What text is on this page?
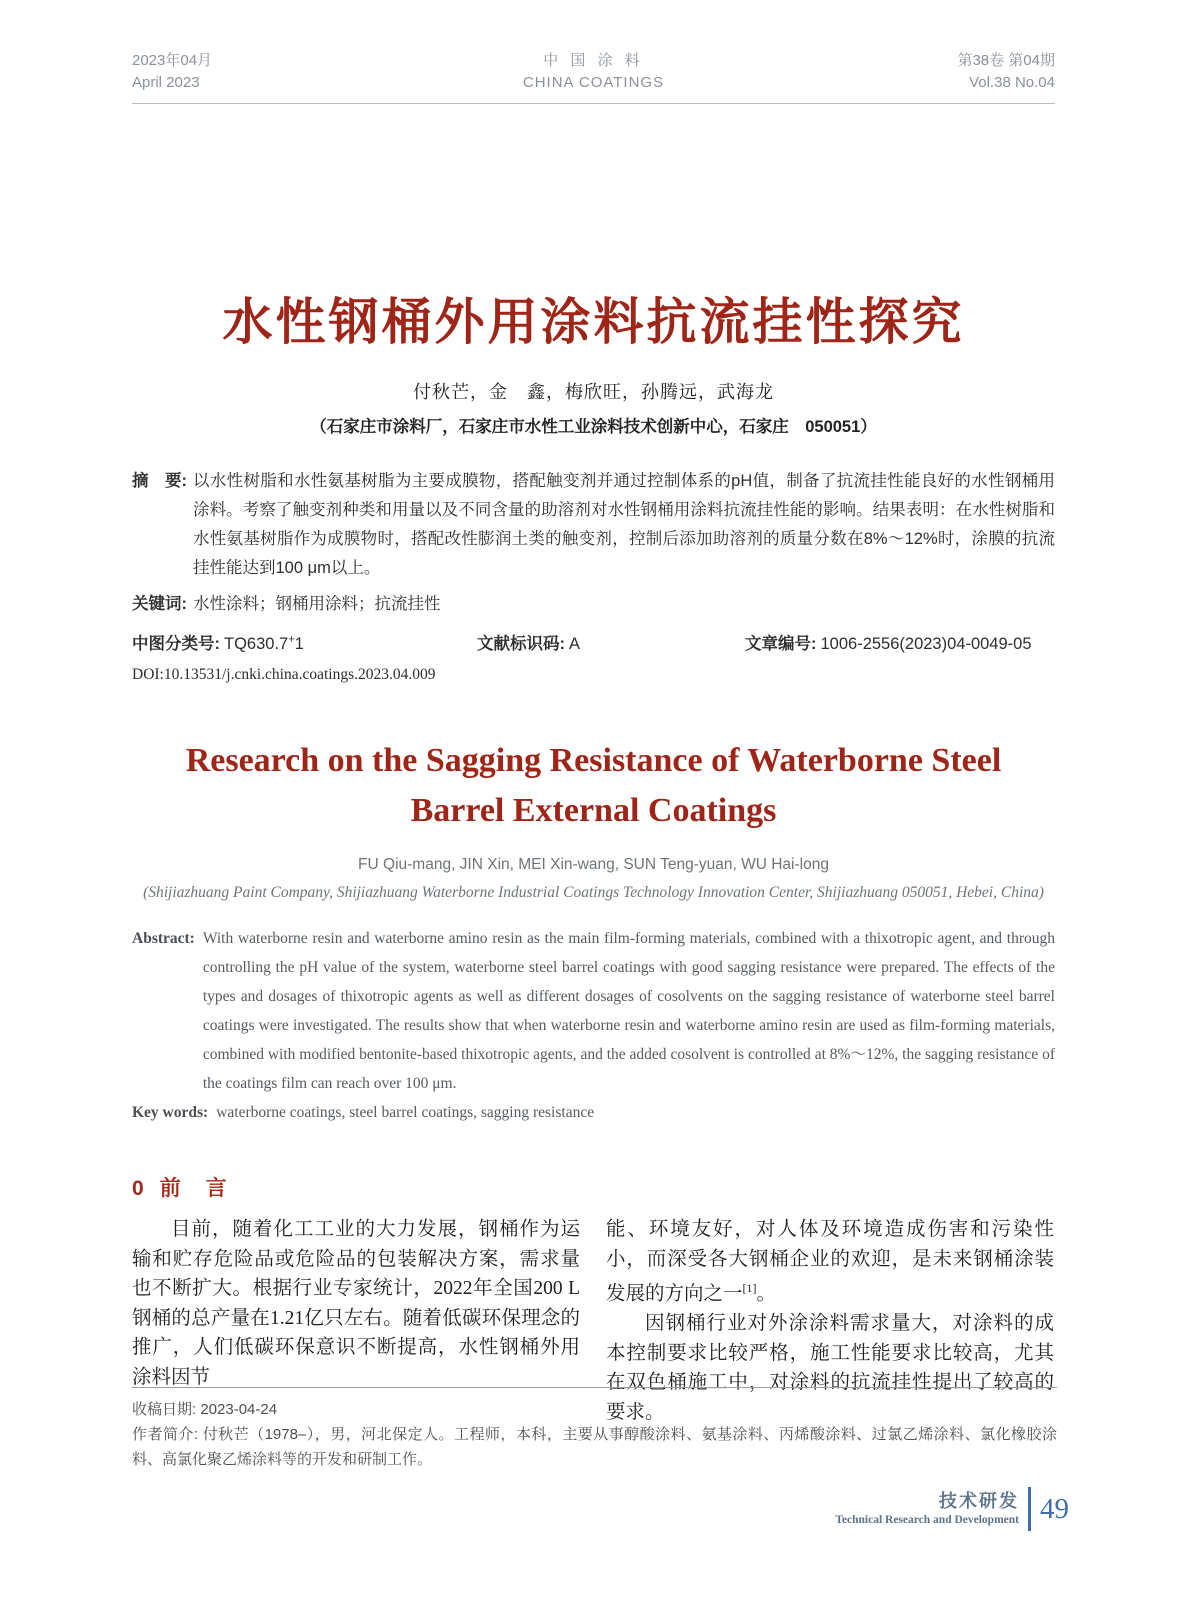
2023年04月	中 国 涂 料	第38卷 第04期
April 2023	CHINA COATINGS	Vol.38 No.04
水性钢桶外用涂料抗流挂性探究
付秋芒，金　鑫，梅欣旺，孙腾远，武海龙
（石家庄市涂料厂，石家庄市水性工业涂料技术创新中心，石家庄　050051）
摘　要: 以水性树脂和水性氨基树脂为主要成膜物，搭配触变剂并通过控制体系的pH值，制备了抗流挂性能良好的水性钢桶用涂料。考察了触变剂种类和用量以及不同含量的助溶剂对水性钢桶用涂料抗流挂性能的影响。结果表明：在水性树脂和水性氨基树脂作为成膜物时，搭配改性膨润土类的触变剂，控制后添加助溶剂的质量分数在8%～12%时，涂膜的抗流挂性能达到100 μm以上。
关键词: 水性涂料；钢桶用涂料；抗流挂性
中图分类号: TQ630.7+1	文献标识码: A	文章编号: 1006-2556(2023)04-0049-05
DOI:10.13531/j.cnki.china.coatings.2023.04.009
Research on the Sagging Resistance of Waterborne Steel Barrel External Coatings
FU Qiu-mang, JIN Xin, MEI Xin-wang, SUN Teng-yuan, WU Hai-long
(Shijiazhuang Paint Company, Shijiazhuang Waterborne Industrial Coatings Technology Innovation Center, Shijiazhuang 050051, Hebei, China)
Abstract: With waterborne resin and waterborne amino resin as the main film-forming materials, combined with a thixotropic agent, and through controlling the pH value of the system, waterborne steel barrel coatings with good sagging resistance were prepared. The effects of the types and dosages of thixotropic agents as well as different dosages of cosolvents on the sagging resistance of waterborne steel barrel coatings were investigated. The results show that when waterborne resin and waterborne amino resin are used as film-forming materials, combined with modified bentonite-based thixotropic agents, and the added cosolvent is controlled at 8%～12%, the sagging resistance of the coatings film can reach over 100 μm.
Key words: waterborne coatings, steel barrel coatings, sagging resistance
0 前　言

目前，随着化工工业的大力发展，钢桶作为运输和贮存危险品或危险品的包装解决方案，需求量也不断扩大。根据行业专家统计，2022年全国200 L钢桶的总产量在1.21亿只左右。随着低碳环保理念的推广，人们低碳环保意识不断提高，水性钢桶外用涂料因节

能、环境友好，对人体及环境造成伤害和污染性小，而深受各大钢桶企业的欢迎，是未来钢桶涂装发展的方向之一[1]。

因钢桶行业对外涂涂料需求量大，对涂料的成本控制要求比较严格，施工性能要求比较高，尤其在双色桶施工中，对涂料的抗流挂性提出了较高的要求。

收稿日期: 2023-04-24

作者简介: 付秋芒（1978–），男，河北保定人。工程师，本科，主要从事醇酸涂料、氨基涂料、丙烯酸涂料、过氯乙烯涂料、氯化橡胶涂料、高氯化聚乙烯涂料等的开发和研制工作。

技术研发
Technical Research and Development 49
